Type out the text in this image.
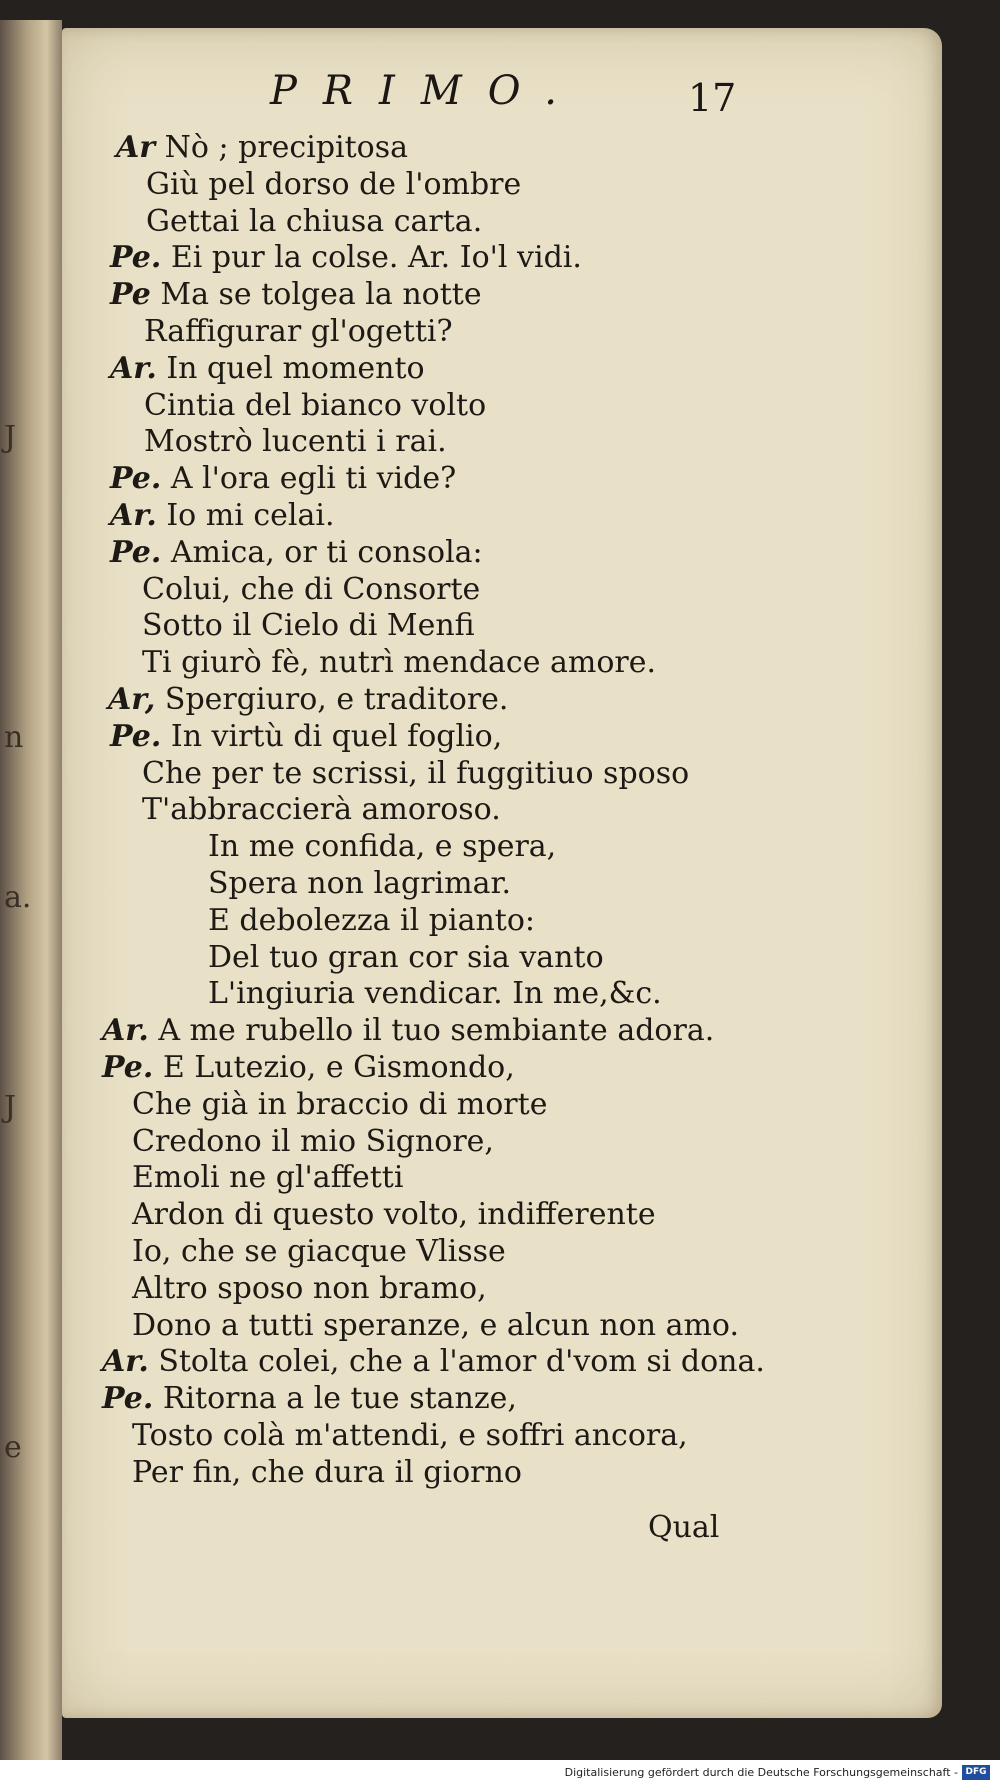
J
n
a.
J
e
PRIMO.	17
Ar Nò ; precipitosa
Giù pel dorso de l'ombre
Gettai la chiusa carta.
Pe. Ei pur la colse. Ar. Io'l vidi.
Pe Ma se tolgea la notte
Raffigurar gl'ogetti?
Ar. In quel momento
Cintia del bianco volto
Mostrò lucenti i rai.
Pe. A l'ora egli ti vide?
Ar. Io mi celai.
Pe. Amica, or ti consola:
Colui, che di Consorte
Sotto il Cielo di Menfi
Ti giurò fè, nutrì mendace amore.
Ar, Spergiuro, e traditore.
Pe. In virtù di quel foglio,
Che per te scrissi, il fuggitiuo sposo
T'abbraccierà amoroso.
In me confida, e spera,
Spera non lagrimar.
E debolezza il pianto:
Del tuo gran cor sia vanto
L'ingiuria vendicar. In me,&c.
Ar. A me rubello il tuo sembiante adora.
Pe. E Lutezio, e Gismondo,
Che già in braccio di morte
Credono il mio Signore,
Emoli ne gl'affetti
Ardon di questo volto, indifferente
Io, che se giacque Vlisse
Altro sposo non bramo,
Dono a tutti speranze, e alcun non amo.
Ar. Stolta colei, che a l'amor d'vom si dona.
Pe. Ritorna a le tue stanze,
Tosto colà m'attendi, e soffri ancora,
Per fin, che dura il giorno
Qual
Digitalisierung gefördert durch die Deutsche Forschungsgemeinschaft - DFG
